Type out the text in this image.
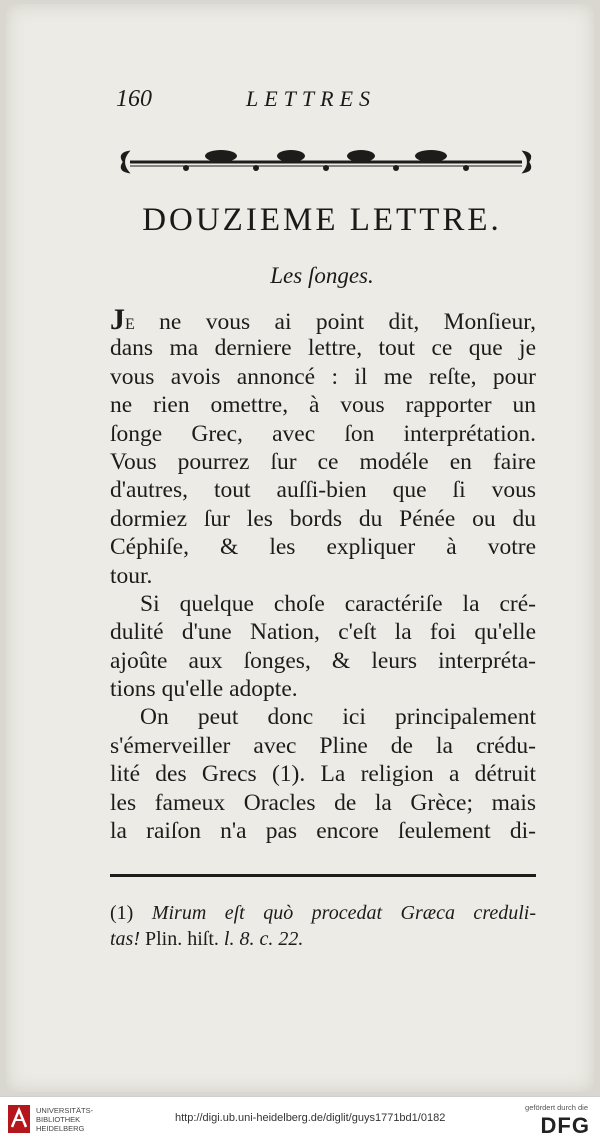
160	LETTRES
DOUZIEME LETTRE.
Les ſonges.
Je ne vous ai point dit, Monſieur,
dans ma derniere lettre, tout ce que je
vous avois annoncé : il me reſte, pour
ne rien omettre, à vous rapporter un
ſonge Grec, avec ſon interprétation.
Vous pourrez ſur ce modéle en faire
d'autres, tout auſſi-bien que ſi vous
dormiez ſur les bords du Pénée ou du
Céphiſe, & les expliquer à votre
tour.
Si quelque choſe caractériſe la cré-
dulité d'une Nation, c'eſt la foi qu'elle
ajoûte aux ſonges, & leurs interpréta-
tions qu'elle adopte.
On peut donc ici principalement
s'émerveiller avec Pline de la crédu-
lité des Grecs (1). La religion a détruit
les fameux Oracles de la Grèce; mais
la raiſon n'a pas encore ſeulement di-
(1) Mirum eſt quò procedat Græca creduli-
tas! Plin. hiſt. l. 8. c. 22.
UNIVERSITÄTS-
BIBLIOTHEK
HEIDELBERG
http://digi.ub.uni-heidelberg.de/diglit/guys1771bd1/0182
gefördert durch die
DFG
